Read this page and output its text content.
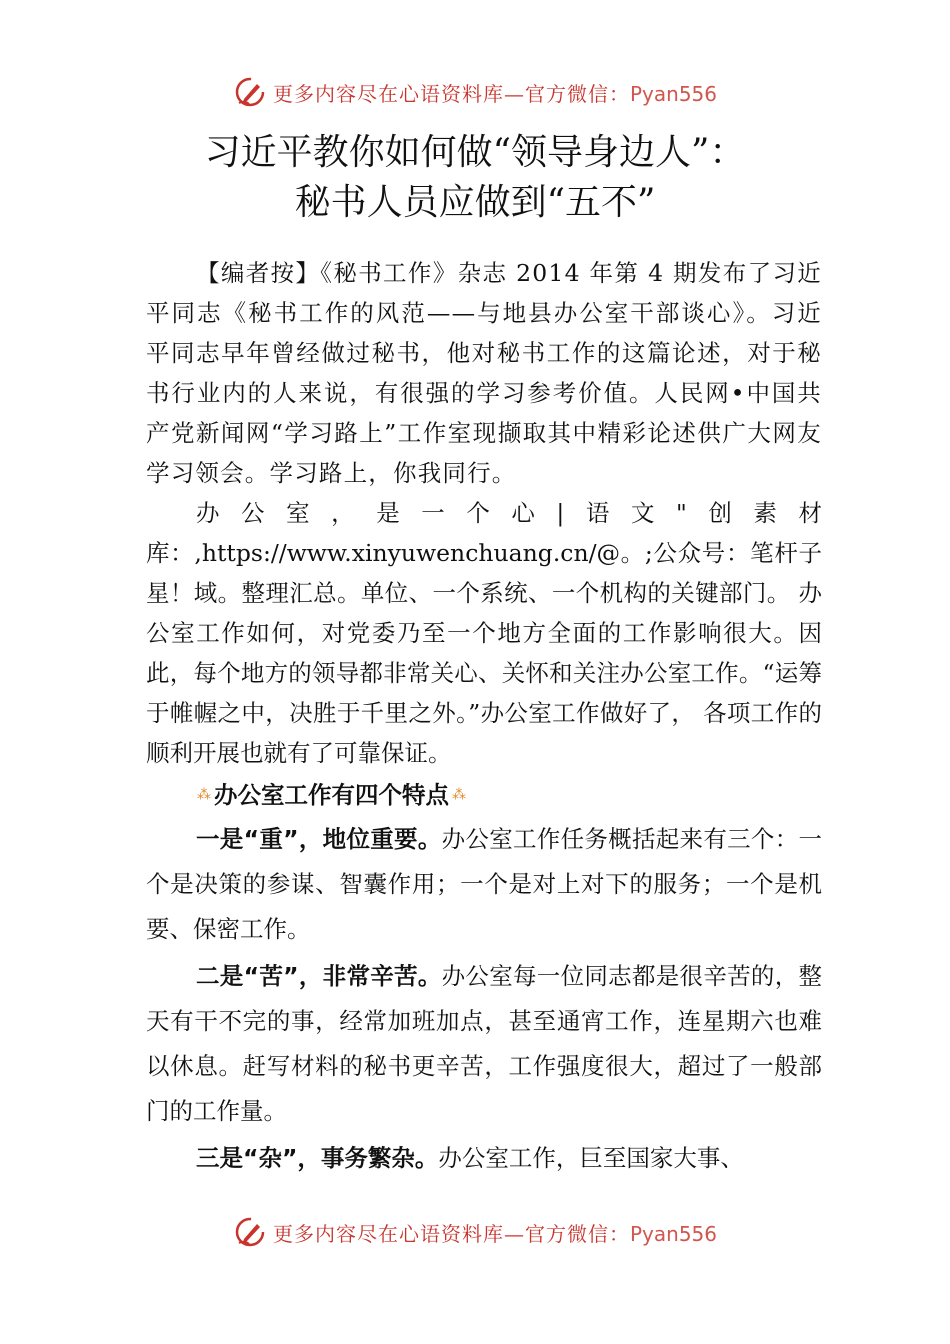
更多内容尽在心语资料库—官方微信：Pyan556
习近平教你如何做“领导身边人”：
秘书人员应做到“五不”

【编者按】《秘书工作》杂志 2014 年第 4 期发布了习近平同志《秘书工作的风范——与地县办公室干部谈心》。习近平同志早年曾经做过秘书，他对秘书工作的这篇论述，对于秘书行业内的人来说，有很强的学习参考价值。人民网•中国共产党新闻网“学习路上”工作室现撷取其中精彩论述供广大网友学习领会。学习路上，你我同行。

办公室，是一个心|语文"创素材库：,https://www.xinyuwenchuang.cn/@。;公众号：笔杆子星！域。整理汇总。单位、一个系统、一个机构的关键部门。 办公室工作如何，对党委乃至一个地方全面的工作影响很大。因此，每个地方的领导都非常关心、关怀和关注办公室工作。“运筹于帷幄之中，决胜于千里之外。”办公室工作做好了， 各项工作的顺利开展也就有了可靠保证。

⁂ 办公室工作有四个特点 ⁂

一是“重”，地位重要。办公室工作任务概括起来有三个：一个是决策的参谋、智囊作用；一个是对上对下的服务；一个是机要、保密工作。

二是“苦”，非常辛苦。办公室每一位同志都是很辛苦的，整天有干不完的事，经常加班加点，甚至通宵工作，连星期六也难以休息。赶写材料的秘书更辛苦，工作强度很大，超过了一般部门的工作量。

三是“杂”，事务繁杂。办公室工作，巨至国家大事、

更多内容尽在心语资料库—官方微信：Pyan556
